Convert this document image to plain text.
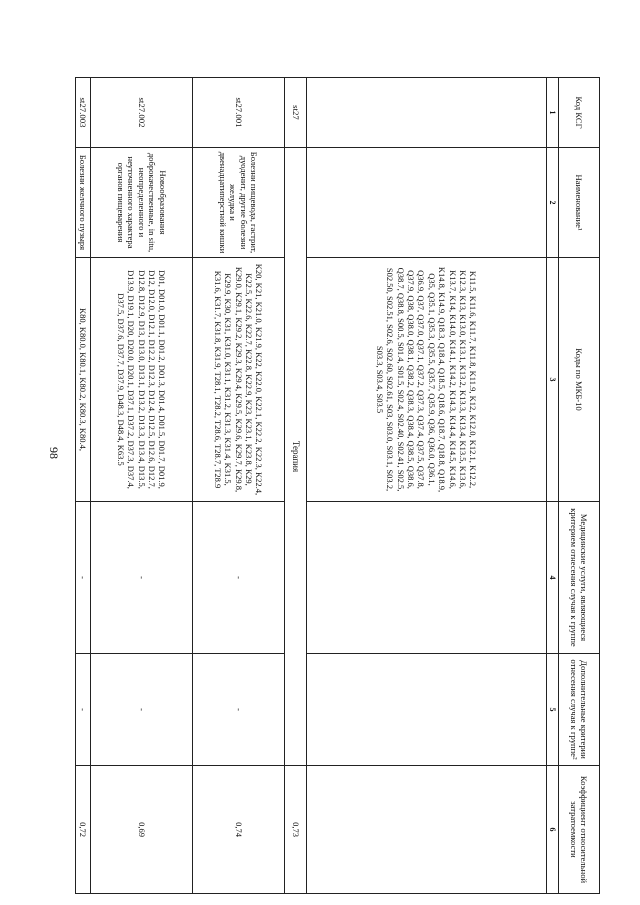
98
Код КСГ	Наименование¹	Коды по МКБ-10	Медицинские услуги, являющиеся критерием отнесения случая к группе	Дополнительные критерии отнесения случая к группе²	Коэффициент относительной затратоемкости
1	2	3	4	5	6
		K11.5, K11.6, K11.7, K11.8, K11.9, K12, K12.0, K12.1, K12.2, K12.3, K13, K13.0, K13.1, K13.2, K13.3, K13.4, K13.5, K13.6, K13.7, K14, K14.0, K14.1, K14.2, K14.3, K14.4, K14.5, K14.6, K14.8, K14.9, Q18.3, Q18.4, Q18.5, Q18.6, Q18.7, Q18.8, Q18.9, Q35, Q35.1, Q35.3, Q35.5, Q35.7, Q35.9, Q36, Q36.0, Q36.1, Q36.9, Q37, Q37.0, Q37.1, Q37.2, Q37.3, Q37.4, Q37.5, Q37.8, Q37.9, Q38, Q38.0, Q38.1, Q38.2, Q38.3, Q38.4, Q38.5, Q38.6, Q38.7, Q38.8, S00.5, S01.4, S01.5, S02.4, S02.40, S02.41, S02.5, S02.50, S02.51, S02.6, S02.60, S02.61, S03, S03.0, S03.1, S03.2, S03.3, S03.4, S03.5			
st27	Терапия				0,73
st27.001	Болезни пищевода, гастрит, дуоденит, другие болезни желудка и двенадцатиперстной кишки	K20, K21, K21.0, K21.9, K22, K22.0, K22.1, K22.2, K22.3, K22.4, K22.5, K22.6, K22.7, K22.8, K22.9, K23, K23.1, K23.8, K29, K29.0, K29.1, K29.2, K29.3, K29.4, K29.5, K29.6, K29.7, K29.8, K29.9, K30, K31, K31.0, K31.1, K31.2, K31.3, K31.4, K31.5, K31.6, K31.7, K31.8, K31.9, T28.1, T28.2, T28.6, T28.7, T28.9	-	-	0,74
st27.002	Новообразования доброкачественные, in situ, неопределенного и неуточненного характера органов пищеварения	D01, D01.0, D01.1, D01.2, D01.3, D01.4, D01.5, D01.7, D01.9, D12, D12.0, D12.1, D12.2, D12.3, D12.4, D12.5, D12.6, D12.7, D12.8, D12.9, D13, D13.0, D13.1, D13.2, D13.3, D13.4, D13.5, D13.9, D19.1, D20, D20.0, D20.1, D37.1, D37.2, D37.3, D37.4, D37.5, D37.6, D37.7, D37.9, D48.3, D48.4, K63.5	-	-	0,69
st27.003	Болезни желчного пузыря	K80, K80.0, K80.1, K80.2, K80.3, K80.4,	-	-	0,72
